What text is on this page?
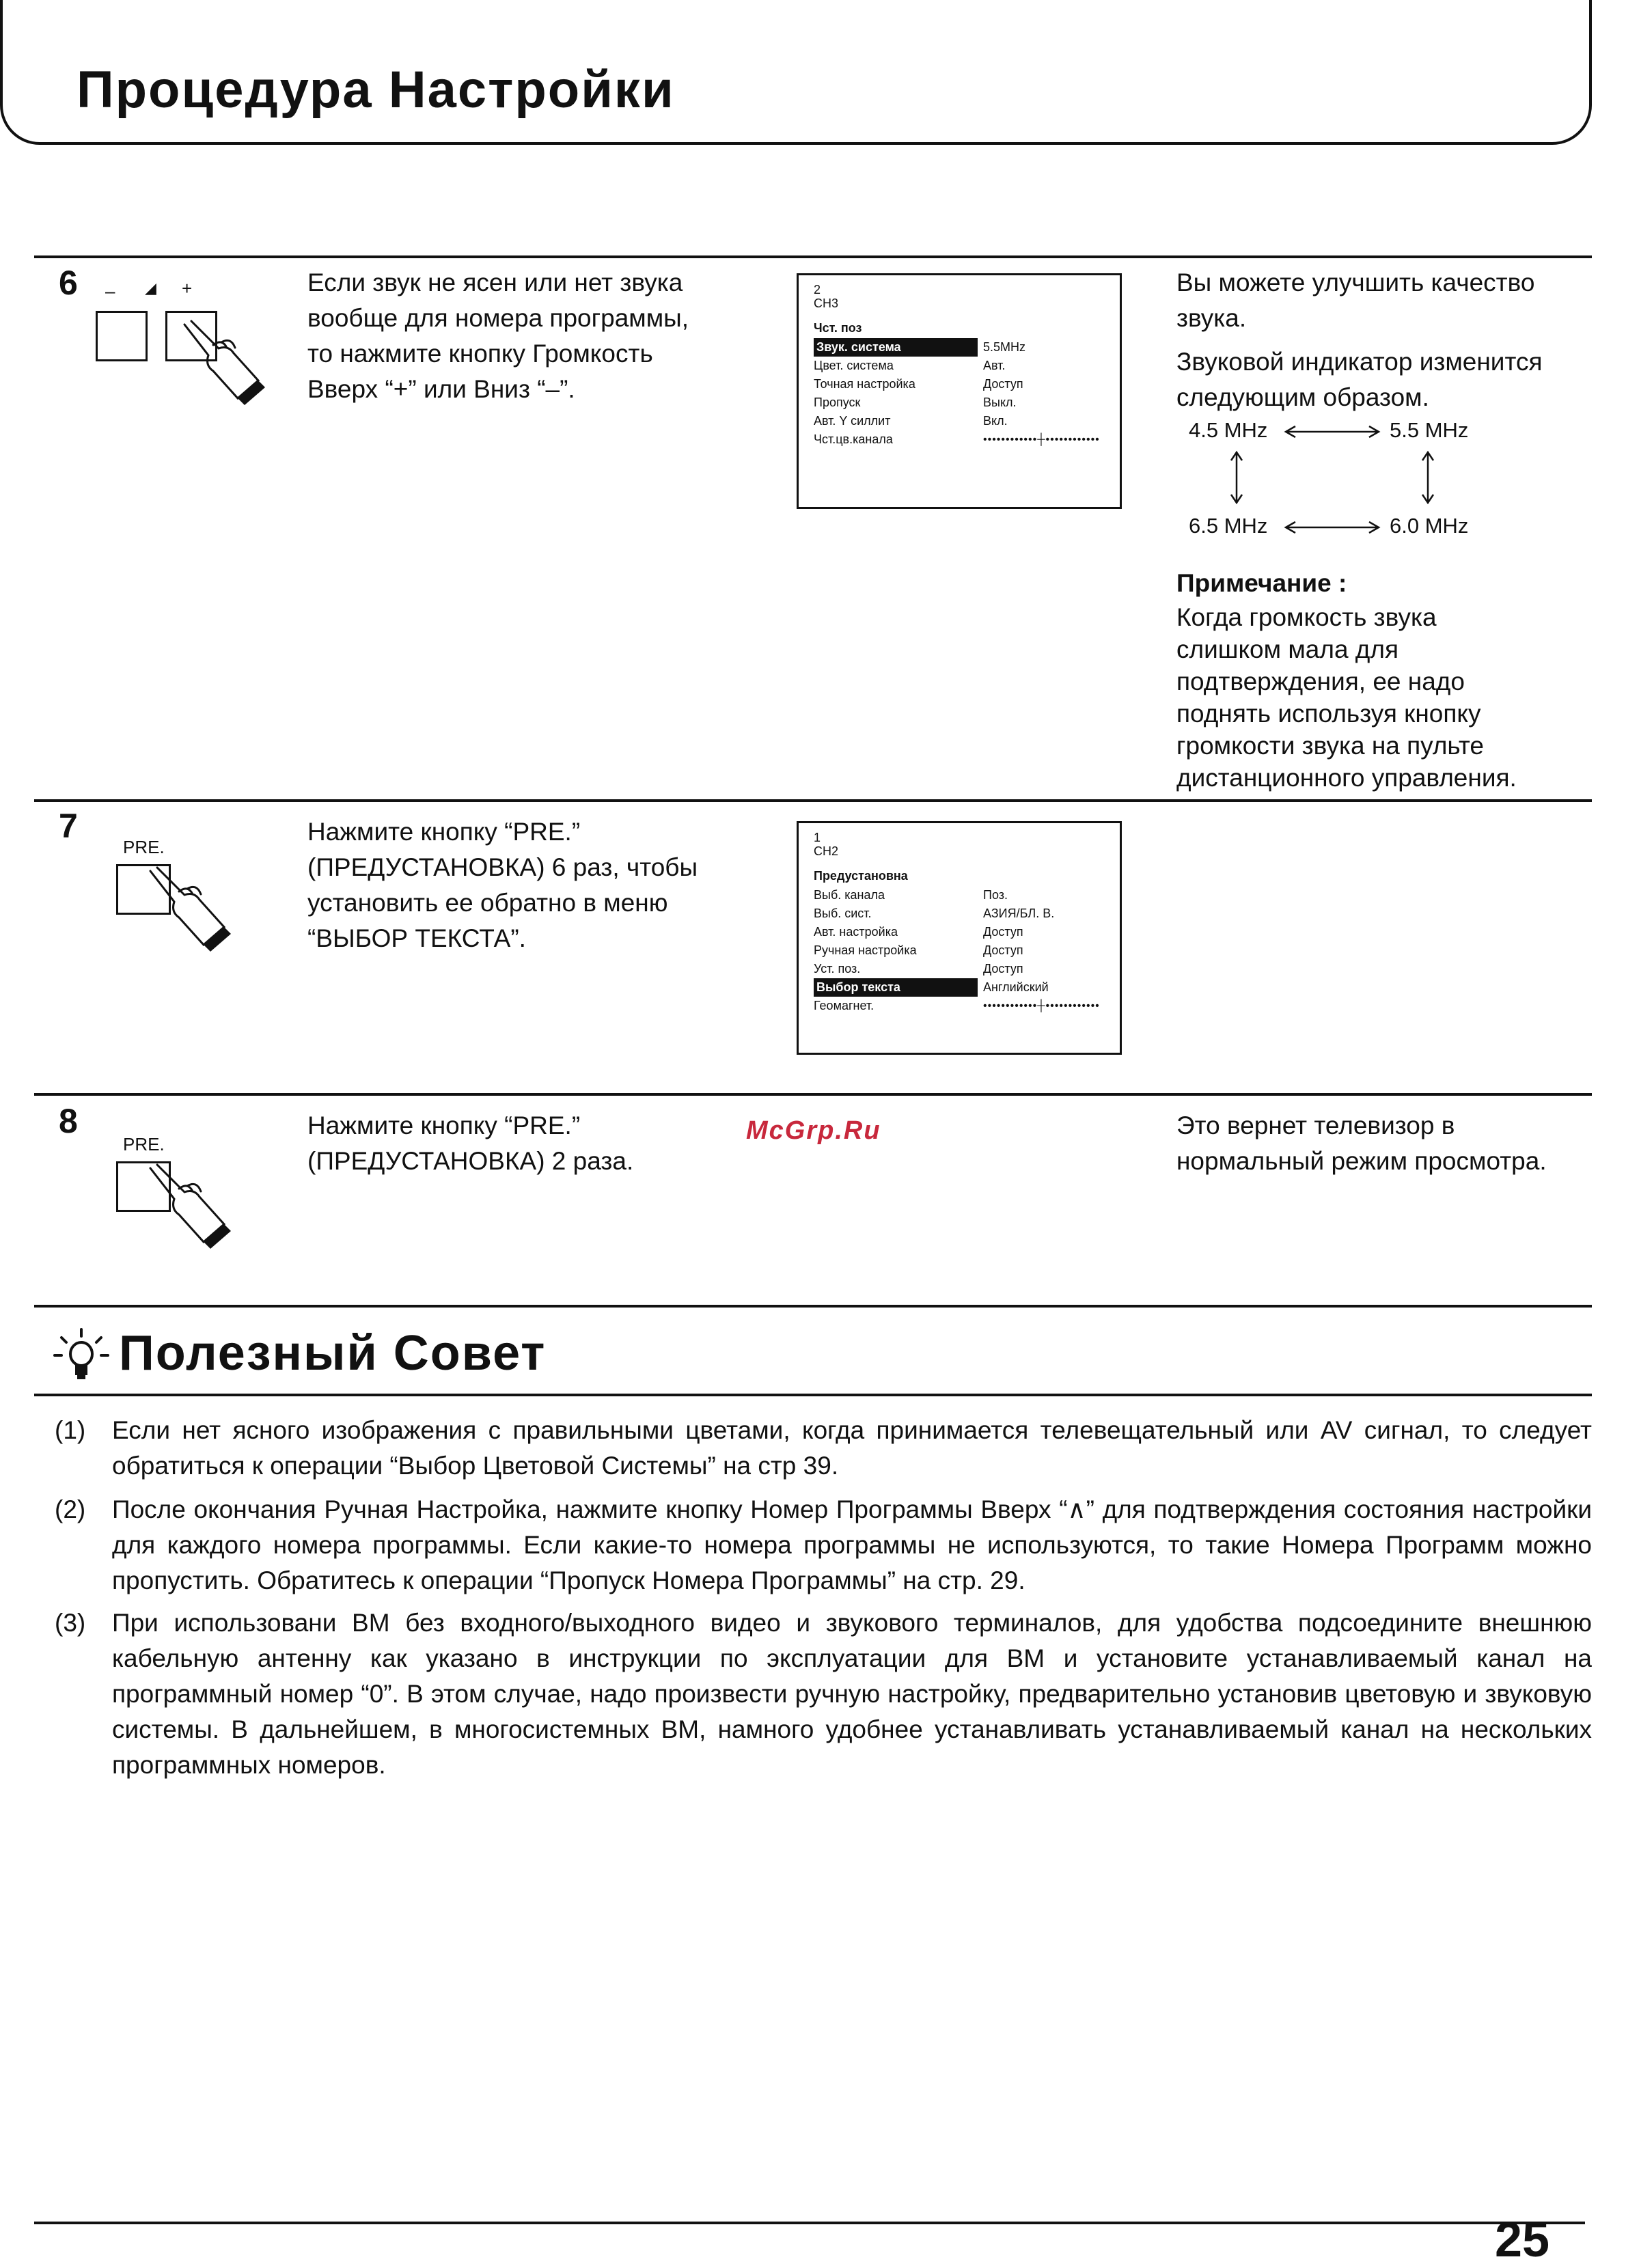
Процедура Настройки
6 – ◢ +	Если звук не ясен или нет звука

вообще для номера программы,

то нажмите кнопку Громкость

Вверх “+” или Вниз “–”.

2
CH3
Чст. поз
Звук. система	5.5MHz
Цвет. система	Авт.
Точная настройка	Доступ
Пропуск	Выкл.
Авт. Y силлит	Вкл.
Чст.цв.канала	••••••••••••┼••••••••••••

Вы можете улучшить качество

звука.

Звуковой индикатор изменится

следующим образом.

4.5 MHz	5.5 MHz
6.5 MHz	6.0 MHz

Примечание :

Когда громкость звука

слишком мала для

подтверждения, ее надо

поднять используя кнопку

громкости звука на пульте

дистанционного управления.

7
PRE.

Нажмите кнопку “PRE.”

(ПРЕДУСТАНОВКА) 6 раз, чтобы

установить ее обратно в меню

“ВЫБОР ТЕКСТА”.

1
CH2
Предустановна
Выб. канала	Поз.
Выб. сист.	АЗИЯ/БЛ. В.
Авт. настройка	Доступ
Ручная настройка	Доступ
Уст. поз.	Доступ
Выбор текста	Английский
Геомагнет.	••••••••••••┼••••••••••••
8
PRE.

Нажмите кнопку “PRE.”

(ПРЕДУСТАНОВКА) 2 раза.

McGrp.Ru	Это вернет телевизор в

нормальный режим просмотра.

Полезный Совет
(1) Если нет ясного изображения с правильными цветами, когда принимается телевещательный или AV сигнал, то следует обратиться к операции “Выбор Цветовой Системы” на стр 39.
(2) После окончания Ручная Настройка, нажмите кнопку Номер Программы Вверх “∧” для подтверждения состояния настройки для каждого номера программы. Если какие-то номера программы не используются, то такие Номера Программ можно пропустить. Обратитесь к операции “Пропуск Номера Программы” на стр. 29.
(3) При использовани ВМ без входного/выходного видео и звукового терминалов, для удобства подсоедините внешнюю кабельную антенну как указано в инструкции по эксплуатации для ВМ и установите устанавливаемый канал на программный номер “0”. В этом случае, надо произвести ручную настройку, предварительно установив цветовую и звуковую системы. В дальнейшем, в многосистемных ВМ, намного удобнее устанавливать устанавливаемый канал на нескольких программных номеров.
25
